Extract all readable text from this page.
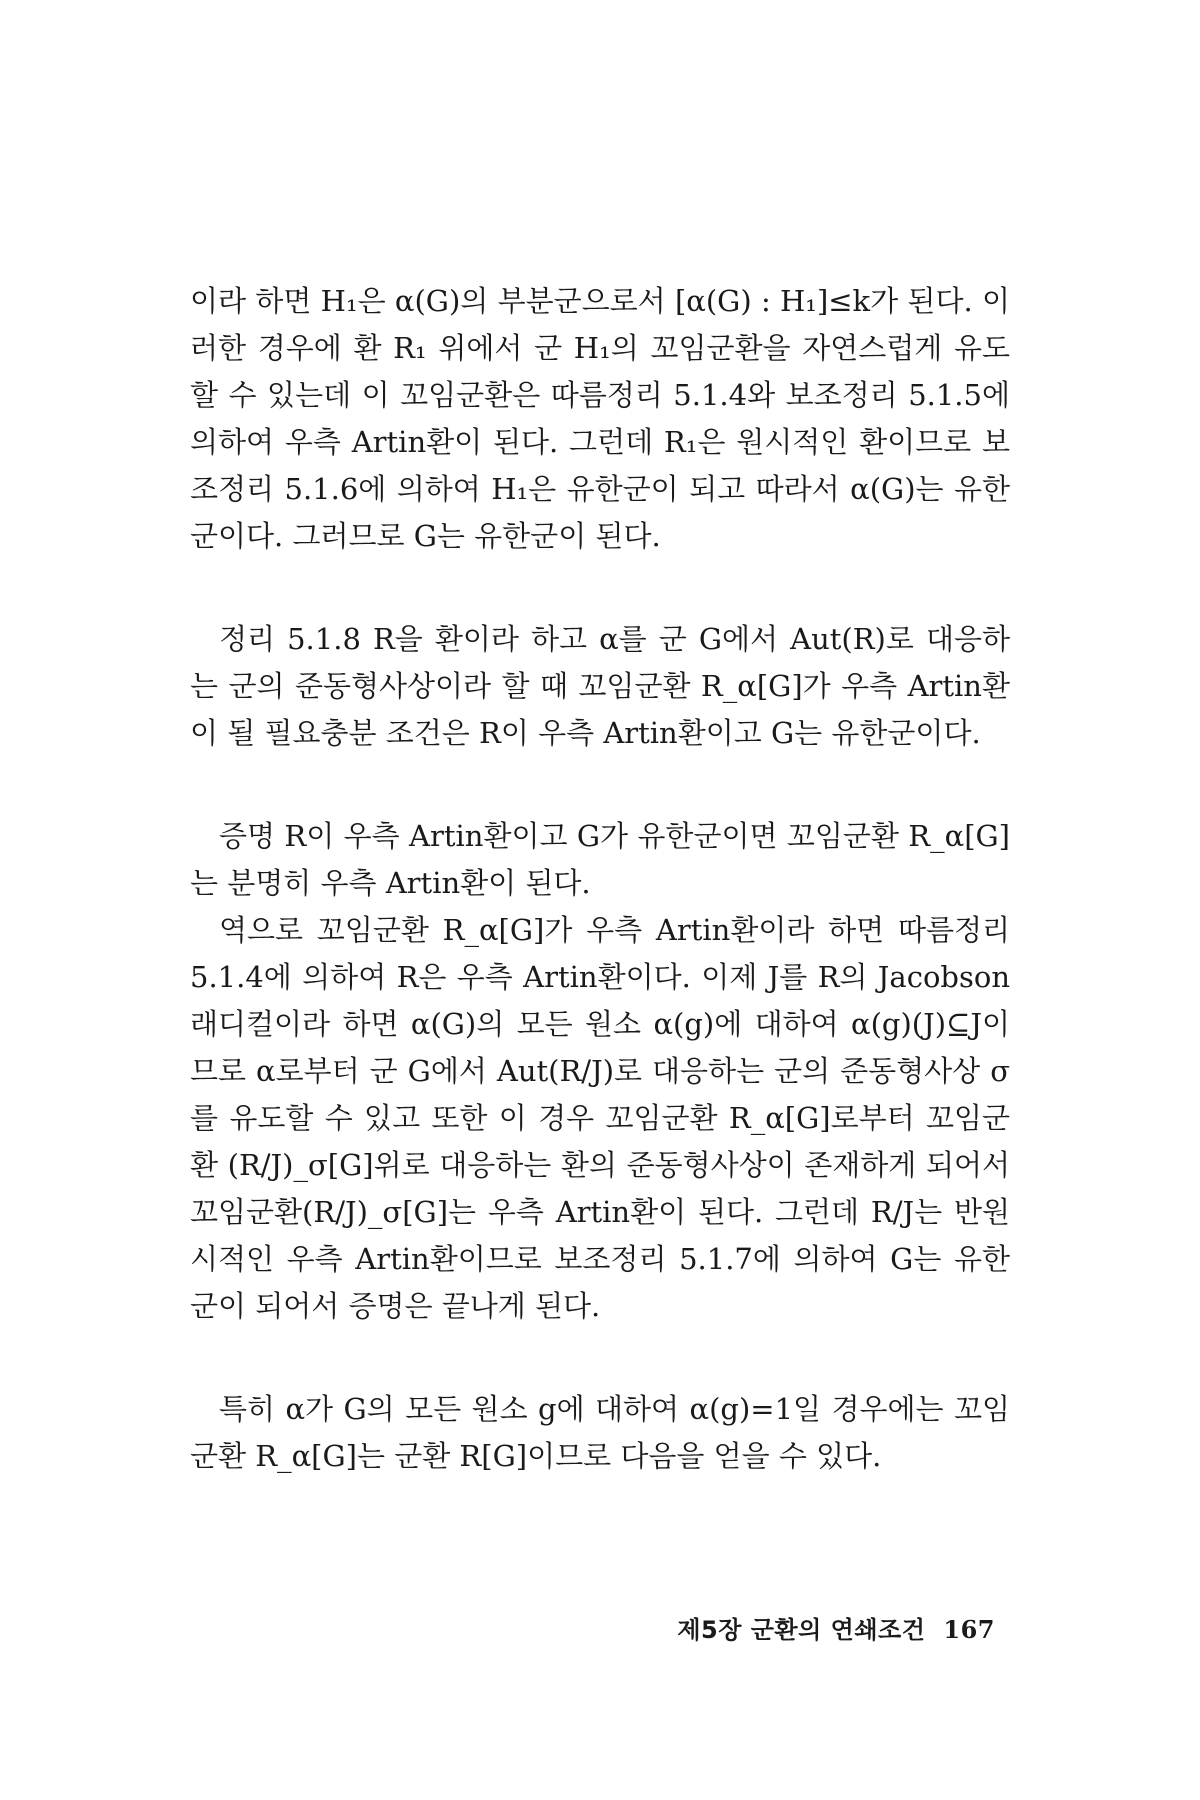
이라 하면 H₁은 α(G)의 부분군으로서 [α(G) : H₁]≤k가 된다. 이러한 경우에 환 R₁ 위에서 군 H₁의 꼬임군환을 자연스럽게 유도할 수 있는데 이 꼬임군환은 따름정리 5.1.4와 보조정리 5.1.5에 의하여 우측 Artin환이 된다. 그런데 R₁은 원시적인 환이므로 보조정리 5.1.6에 의하여 H₁은 유한군이 되고 따라서 α(G)는 유한군이다. 그러므로 G는 유한군이 된다.

정리 5.1.8 R을 환이라 하고 α를 군 G에서 Aut(R)로 대응하는 군의 준동형사상이라 할 때 꼬임군환 R_α[G]가 우측 Artin환이 될 필요충분 조건은 R이 우측 Artin환이고 G는 유한군이다.

증명 R이 우측 Artin환이고 G가 유한군이면 꼬임군환 R_α[G]는 분명히 우측 Artin환이 된다.

역으로 꼬임군환 R_α[G]가 우측 Artin환이라 하면 따름정리 5.1.4에 의하여 R은 우측 Artin환이다. 이제 J를 R의 Jacobson 래디컬이라 하면 α(G)의 모든 원소 α(g)에 대하여 α(g)(J)⊆J이므로 α로부터 군 G에서 Aut(R/J)로 대응하는 군의 준동형사상 σ를 유도할 수 있고 또한 이 경우 꼬임군환 R_α[G]로부터 꼬임군환 (R/J)_σ[G]위로 대응하는 환의 준동형사상이 존재하게 되어서 꼬임군환(R/J)_σ[G]는 우측 Artin환이 된다. 그런데 R/J는 반원시적인 우측 Artin환이므로 보조정리 5.1.7에 의하여 G는 유한군이 되어서 증명은 끝나게 된다.

특히 α가 G의 모든 원소 g에 대하여 α(g)=1일 경우에는 꼬임군환 R_α[G]는 군환 R[G]이므로 다음을 얻을 수 있다.

제5장 군환의 연쇄조건 167
